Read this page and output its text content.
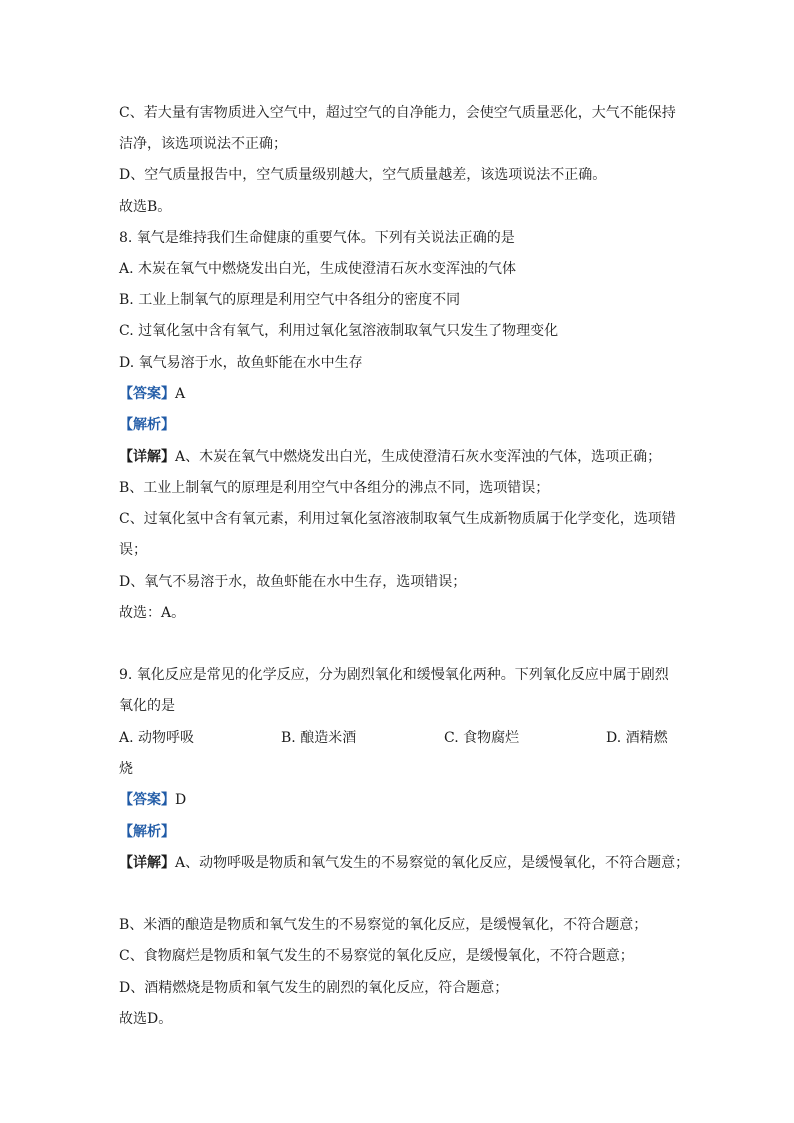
C、若大量有害物质进入空气中，超过空气的自净能力，会使空气质量恶化，大气不能保持
洁净，该选项说法不正确；
D、空气质量报告中，空气质量级别越大，空气质量越差，该选项说法不正确。
故选B。
8. 氧气是维持我们生命健康的重要气体。下列有关说法正确的是
A. 木炭在氧气中燃烧发出白光，生成使澄清石灰水变浑浊的气体
B. 工业上制氧气的原理是利用空气中各组分的密度不同
C. 过氧化氢中含有氧气，利用过氧化氢溶液制取氧气只发生了物理变化
D. 氧气易溶于水，故鱼虾能在水中生存
【答案】A
【解析】
【详解】A、木炭在氧气中燃烧发出白光，生成使澄清石灰水变浑浊的气体，选项正确；
B、工业上制氧气的原理是利用空气中各组分的沸点不同，选项错误；
C、过氧化氢中含有氧元素，利用过氧化氢溶液制取氧气生成新物质属于化学变化，选项错
误；
D、氧气不易溶于水，故鱼虾能在水中生存，选项错误；
故选：A。
9. 氧化反应是常见的化学反应，分为剧烈氧化和缓慢氧化两种。下列氧化反应中属于剧烈
氧化的是
A. 动物呼吸	B. 酿造米酒	C. 食物腐烂	D. 酒精燃
烧
【答案】D
【解析】
【详解】A、动物呼吸是物质和氧气发生的不易察觉的氧化反应，是缓慢氧化，不符合题意；
B、米酒的酿造是物质和氧气发生的不易察觉的氧化反应，是缓慢氧化，不符合题意；
C、食物腐烂是物质和氧气发生的不易察觉的氧化反应，是缓慢氧化，不符合题意；
D、酒精燃烧是物质和氧气发生的剧烈的氧化反应，符合题意；
故选D。
